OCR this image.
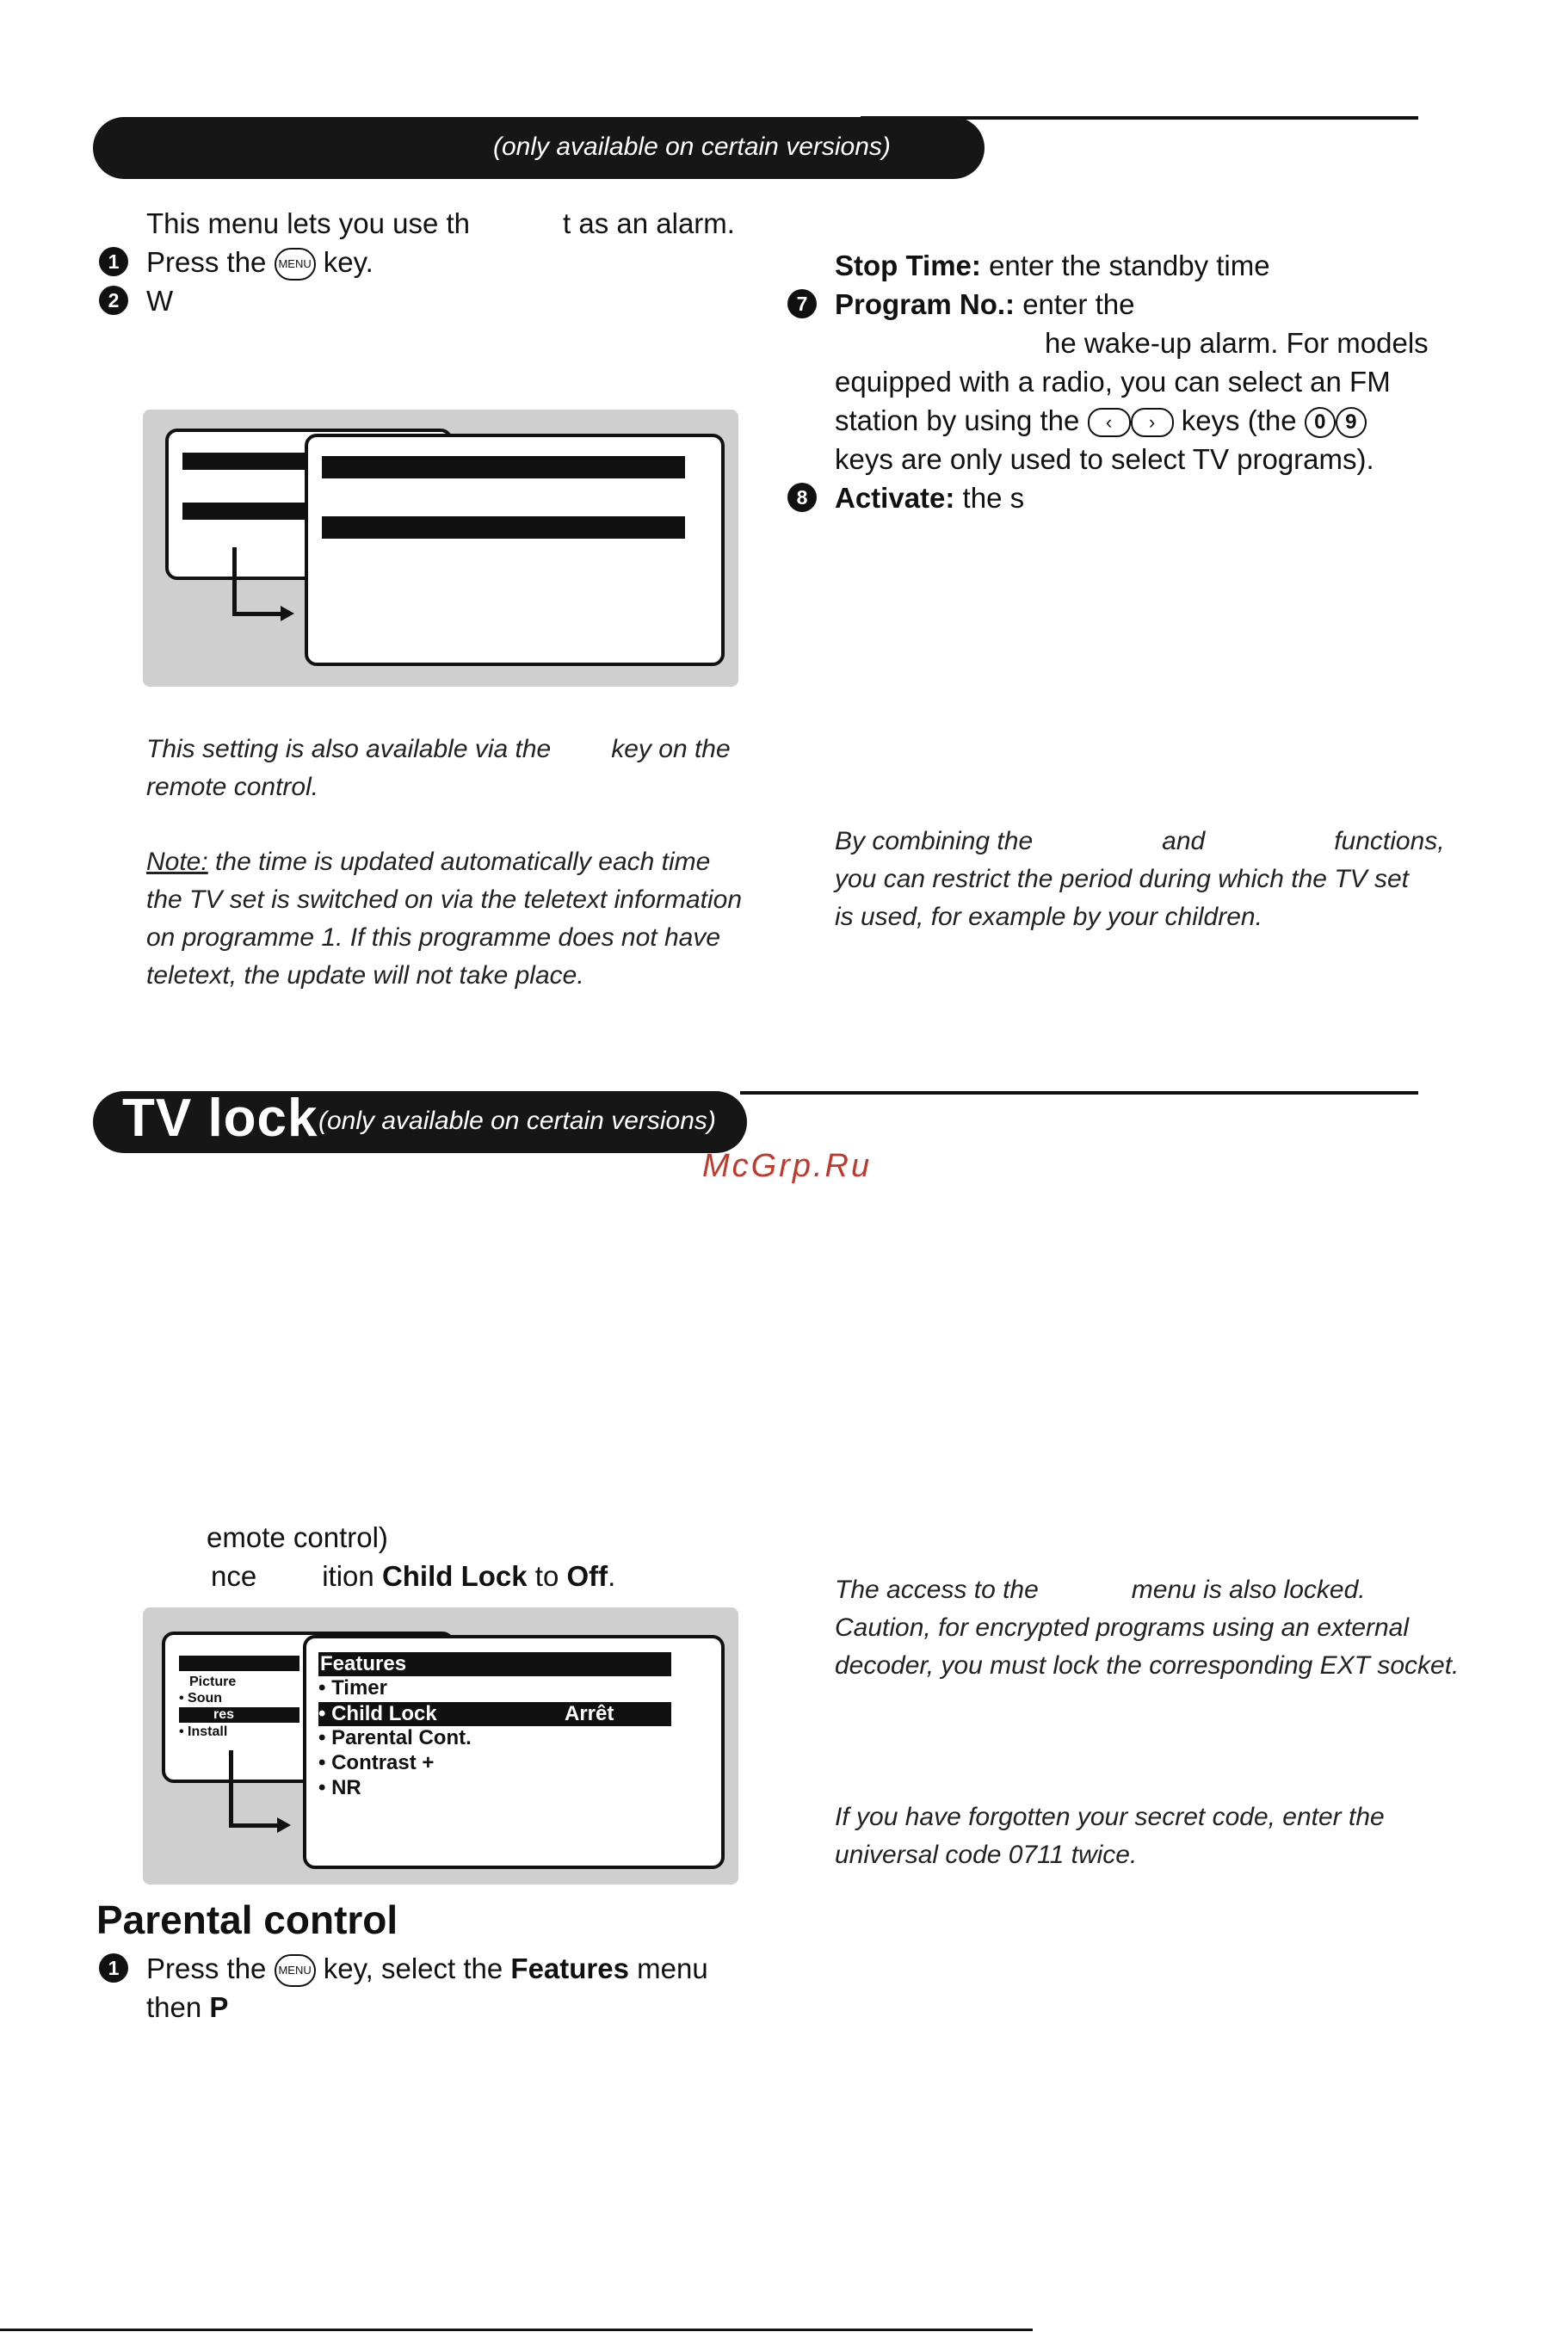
(only available on certain versions)
This menu lets you use th	t as an alarm.
1 Press the MENU key.
2 W
This setting is also available via the key on the
remote control.
Note: the time is updated automatically each time
the TV set is switched on via the teletext information
on programme 1. If this programme does not have
teletext, the update will not take place.
Stop Time: enter the standby time
7 Program No.: enter the
he wake-up alarm. For models
equipped with a radio, you can select an FM
station by using the ‹ › keys (the 0 9
keys are only used to select TV programs).
8 Activate: the s
By combining the	and	functions,
you can restrict the period during which the TV set
is used, for example by your children.
TV lock (only available on certain versions)
McGrp.Ru
emote control)
nce ition Child Lock to Off.
Picture
• Soun
res
• Install
Features
• Timer
• Child Lock	Arrêt
• Parental Cont.
• Contrast +
• NR
The access to the	menu is also locked.
Caution, for encrypted programs using an external
decoder, you must lock the corresponding EXT socket.
If you have forgotten your secret code, enter the
universal code 0711 twice.
Parental control
1 Press the MENU key, select the Features menu
then P
